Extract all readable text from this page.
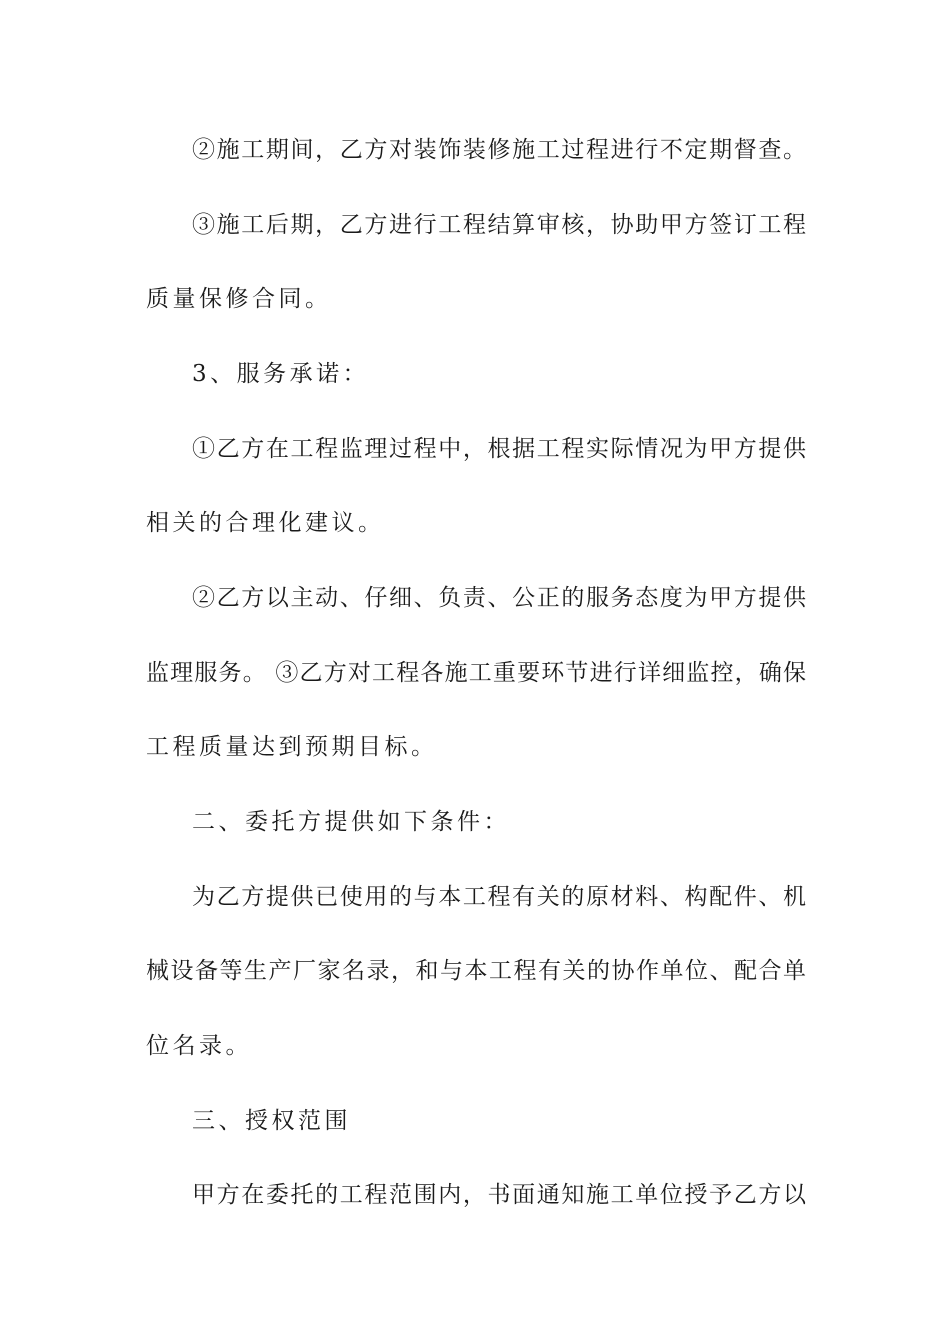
②施工期间，乙方对装饰装修施工过程进行不定期督查。
③施工后期，乙方进行工程结算审核，协助甲方签订工程
质量保修合同。
3、服务承诺：
①乙方在工程监理过程中，根据工程实际情况为甲方提供
相关的合理化建议。
②乙方以主动、仔细、负责、公正的服务态度为甲方提供
监理服务。 ③乙方对工程各施工重要环节进行详细监控，确保
工程质量达到预期目标。
二、委托方提供如下条件：
为乙方提供已使用的与本工程有关的原材料、构配件、机
械设备等生产厂家名录，和与本工程有关的协作单位、配合单
位名录。
三、授权范围
甲方在委托的工程范围内，书面通知施工单位授予乙方以
